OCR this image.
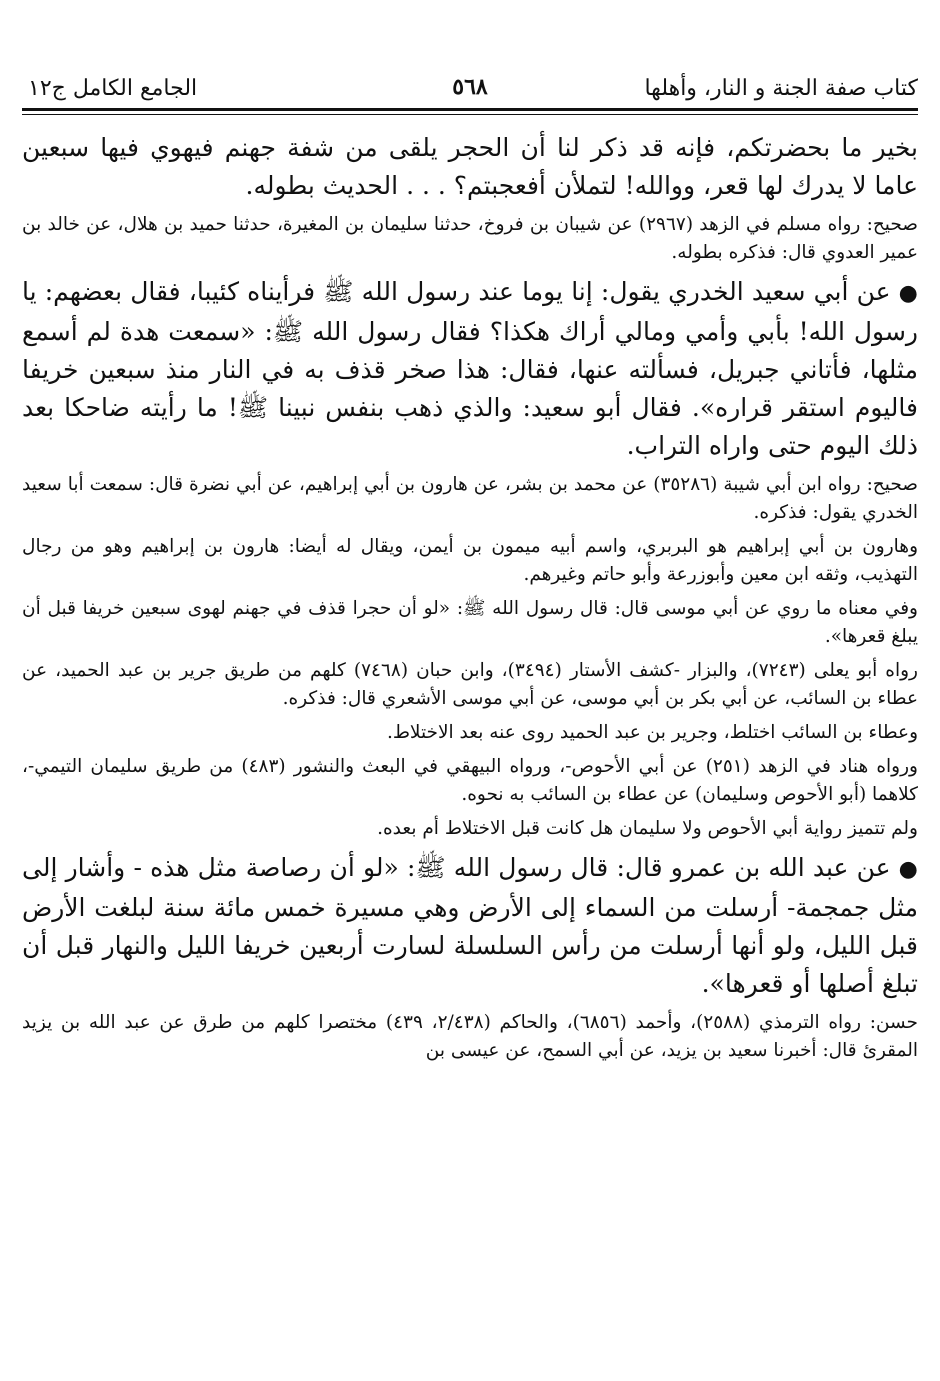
كتاب صفة الجنة و النار، وأهلها
٥٦٨
الجامع الكامل ج١٢

بخير ما بحضرتكم، فإنه قد ذكر لنا أن الحجر يلقى من شفة جهنم فيهوي فيها سبعين عاما لا يدرك لها قعر، ووالله! لتملأن أفعجبتم؟ . . . الحديث بطوله.

صحيح: رواه مسلم في الزهد (٢٩٦٧) عن شيبان بن فروخ، حدثنا سليمان بن المغيرة، حدثنا حميد بن هلال، عن خالد بن عمير العدوي قال: فذكره بطوله.

●عن أبي سعيد الخدري يقول: إنا يوما عند رسول الله ﷺ فرأيناه كئيبا، فقال بعضهم: يا رسول الله! بأبي وأمي ومالي أراك هكذا؟ فقال رسول الله ﷺ: «سمعت هدة لم أسمع مثلها، فأتاني جبريل، فسألته عنها، فقال: هذا صخر قذف به في النار منذ سبعين خريفا فاليوم استقر قراره». فقال أبو سعيد: والذي ذهب بنفس نبينا ﷺ! ما رأيته ضاحكا بعد ذلك اليوم حتى واراه التراب.

صحيح: رواه ابن أبي شيبة (٣٥٢٨٦) عن محمد بن بشر، عن هارون بن أبي إبراهيم، عن أبي نضرة قال: سمعت أبا سعيد الخدري يقول: فذكره.

وهارون بن أبي إبراهيم هو البربري، واسم أبيه ميمون بن أيمن، ويقال له أيضا: هارون بن إبراهيم وهو من رجال التهذيب، وثقه ابن معين وأبوزرعة وأبو حاتم وغيرهم.

وفي معناه ما روي عن أبي موسى قال: قال رسول الله ﷺ: «لو أن حجرا قذف في جهنم لهوى سبعين خريفا قبل أن يبلغ قعرها».

رواه أبو يعلى (٧٢٤٣)، والبزار -كشف الأستار (٣٤٩٤)، وابن حبان (٧٤٦٨) كلهم من طريق جرير بن عبد الحميد، عن عطاء بن السائب، عن أبي بكر بن أبي موسى، عن أبي موسى الأشعري قال: فذكره.

وعطاء بن السائب اختلط، وجرير بن عبد الحميد روى عنه بعد الاختلاط.

ورواه هناد في الزهد (٢٥١) عن أبي الأحوص-، ورواه البيهقي في البعث والنشور (٤٨٣) من طريق سليمان التيمي-، كلاهما (أبو الأحوص وسليمان) عن عطاء بن السائب به نحوه.

ولم تتميز رواية أبي الأحوص ولا سليمان هل كانت قبل الاختلاط أم بعده.

●عن عبد الله بن عمرو قال: قال رسول الله ﷺ: «لو أن رصاصة مثل هذه - وأشار إلى مثل جمجمة- أرسلت من السماء إلى الأرض وهي مسيرة خمس مائة سنة لبلغت الأرض قبل الليل، ولو أنها أرسلت من رأس السلسلة لسارت أربعين خريفا الليل والنهار قبل أن تبلغ أصلها أو قعرها».

حسن: رواه الترمذي (٢٥٨٨)، وأحمد (٦٨٥٦)، والحاكم (٢/٤٣٨، ٤٣٩) مختصرا كلهم من طرق عن عبد الله بن يزيد المقرئ قال: أخبرنا سعيد بن يزيد، عن أبي السمح، عن عيسى بن
